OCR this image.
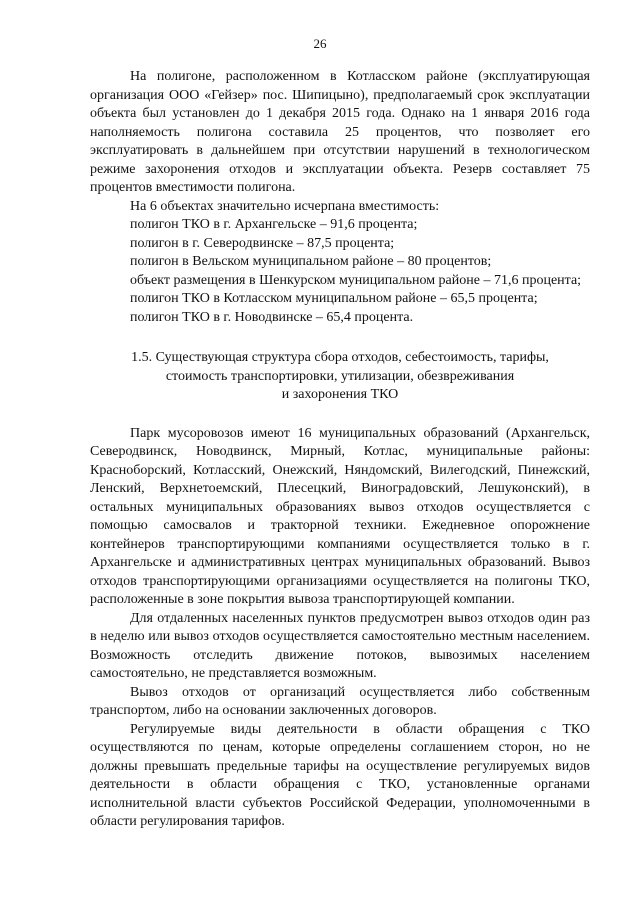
26

На полигоне, расположенном в Котласском районе (эксплуатирующая организация ООО «Гейзер» пос. Шипицыно), предполагаемый срок эксплуатации объекта был установлен до 1 декабря 2015 года. Однако на 1 января 2016 года наполняемость полигона составила 25 процентов, что позволяет его эксплуатировать в дальнейшем при отсутствии нарушений в технологическом режиме захоронения отходов и эксплуатации объекта. Резерв составляет 75 процентов вместимости полигона.

На 6 объектах значительно исчерпана вместимость:

полигон ТКО в г. Архангельске – 91,6 процента;
полигон в г. Северодвинске – 87,5 процента;
полигон в Вельском муниципальном районе – 80 процентов;
объект размещения в Шенкурском муниципальном районе – 71,6 процента;
полигон ТКО в Котласском муниципальном районе – 65,5 процента;
полигон ТКО в г. Новодвинске – 65,4 процента.
1.5. Существующая структура сбора отходов, себестоимость, тарифы,
стоимость транспортировки, утилизации, обезвреживания
и захоронения ТКО

Парк мусоровозов имеют 16 муниципальных образований (Архангельск, Северодвинск, Новодвинск, Мирный, Котлас, муниципальные районы: Красноборский, Котласский, Онежский, Няндомский, Вилегодский, Пинежский, Ленский, Верхнетоемский, Плесецкий, Виноградовский, Лешуконский), в остальных муниципальных образованиях вывоз отходов осуществляется с помощью самосвалов и тракторной техники. Ежедневное опорожнение контейнеров транспортирующими компаниями осуществляется только в г. Архангельске и административных центрах муниципальных образований. Вывоз отходов транспортирующими организациями осуществляется на полигоны ТКО, расположенные в зоне покрытия вывоза транспортирующей компании.

Для отдаленных населенных пунктов предусмотрен вывоз отходов один раз в неделю или вывоз отходов осуществляется самостоятельно местным населением. Возможность отследить движение потоков, вывозимых населением самостоятельно, не представляется возможным.

Вывоз отходов от организаций осуществляется либо собственным транспортом, либо на основании заключенных договоров.

Регулируемые виды деятельности в области обращения с ТКО осуществляются по ценам, которые определены соглашением сторон, но не должны превышать предельные тарифы на осуществление регулируемых видов деятельности в области обращения с ТКО, установленные органами исполнительной власти субъектов Российской Федерации, уполномоченными в области регулирования тарифов.
